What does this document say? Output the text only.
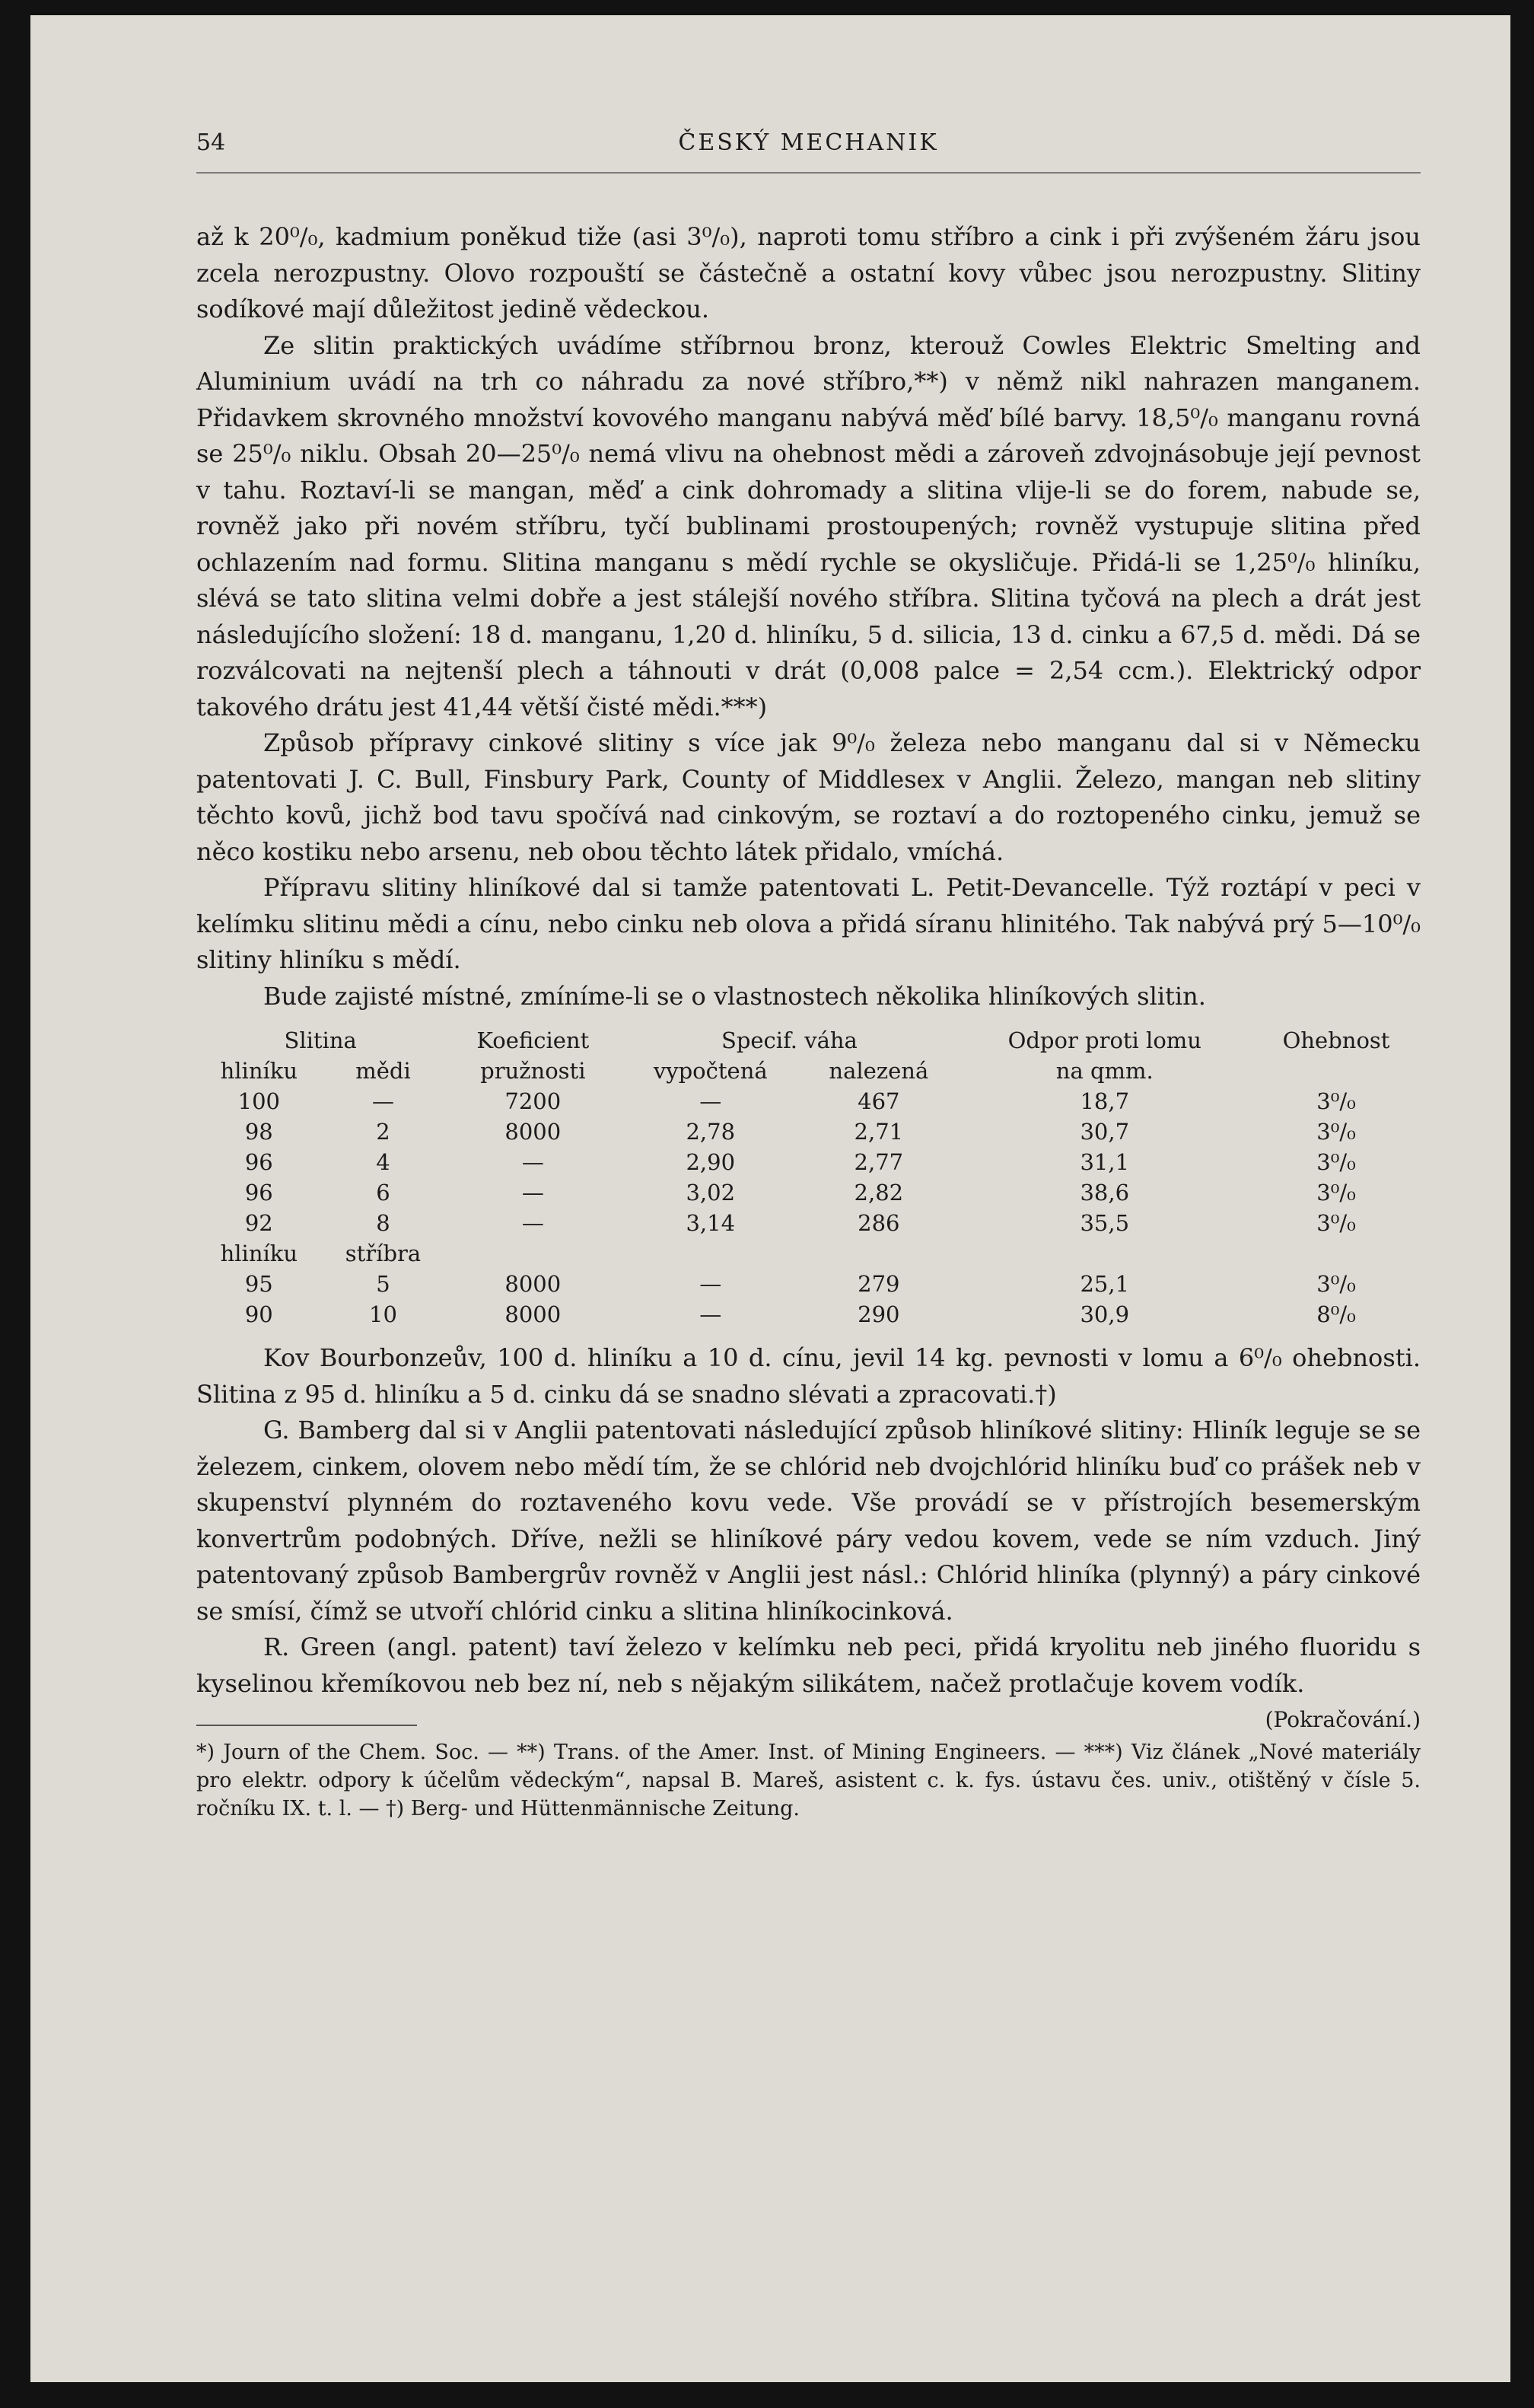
54	ČESKÝ MECHANIK

až k 20⁰/₀, kadmium poněkud tiže (asi 3⁰/₀), naproti tomu stříbro a cink i při zvýšeném žáru jsou zcela nerozpustny. Olovo rozpouští se částečně a ostatní kovy vůbec jsou nerozpustny. Slitiny sodíkové mají důležitost jedině vědeckou.

Ze slitin praktických uvádíme stříbrnou bronz, kterouž Cowles Elektric Smelting and Aluminium uvádí na trh co náhradu za nové stříbro,**) v němž nikl nahrazen manganem. Přidavkem skrovného množství kovového manganu nabývá měď bílé barvy. 18,5⁰/₀ manganu rovná se 25⁰/₀ niklu. Obsah 20—25⁰/₀ nemá vlivu na ohebnost mědi a zároveň zdvojnásobuje její pevnost v tahu. Roztaví-li se mangan, měď a cink dohromady a slitina vlije-li se do forem, nabude se, rovněž jako při novém stříbru, tyčí bublinami prostoupených; rovněž vystupuje slitina před ochlazením nad formu. Slitina manganu s mědí rychle se okysličuje. Přidá-li se 1,25⁰/₀ hliníku, slévá se tato slitina velmi dobře a jest stálejší nového stříbra. Slitina tyčová na plech a drát jest následujícího složení: 18 d. manganu, 1,20 d. hliníku, 5 d. silicia, 13 d. cinku a 67,5 d. mědi. Dá se rozválcovati na nejtenší plech a táhnouti v drát (0,008 palce = 2,54 ccm.). Elektrický odpor takového drátu jest 41,44 větší čisté mědi.***)

Způsob přípravy cinkové slitiny s více jak 9⁰/₀ železa nebo manganu dal si v Německu patentovati J. C. Bull, Finsbury Park, County of Middlesex v Anglii. Železo, mangan neb slitiny těchto kovů, jichž bod tavu spočívá nad cinkovým, se roztaví a do roztopeného cinku, jemuž se něco kostiku nebo arsenu, neb obou těchto látek přidalo, vmíchá.

Přípravu slitiny hliníkové dal si tamže patentovati L. Petit-Devancelle. Týž roztápí v peci v kelímku slitinu mědi a cínu, nebo cinku neb olova a přidá síranu hlinitého. Tak nabývá prý 5—10⁰/₀ slitiny hliníku s mědí.

Bude zajisté místné, zmíníme-li se o vlastnostech několika hliníkových slitin.

Slitina		Koeficient	Specif. váha		Odpor proti lomu	Ohebnost
hliníku	mědi	pružnosti	vypočtená	nalezená	na qmm.	
100	—	7200	—	467	18,7	3⁰/₀
98	2	8000	2,78	2,71	30,7	3⁰/₀
96	4	—	2,90	2,77	31,1	3⁰/₀
96	6	—	3,02	2,82	38,6	3⁰/₀
92	8	—	3,14	286	35,5	3⁰/₀
hliníku	stříbra					
95	5	8000	—	279	25,1	3⁰/₀
90	10	8000	—	290	30,9	8⁰/₀

Kov Bourbonzeův, 100 d. hliníku a 10 d. cínu, jevil 14 kg. pevnosti v lomu a 6⁰/₀ ohebnosti. Slitina z 95 d. hliníku a 5 d. cinku dá se snadno slévati a zpracovati.†)

G. Bamberg dal si v Anglii patentovati následující způsob hliníkové slitiny: Hliník leguje se se železem, cinkem, olovem nebo mědí tím, že se chlórid neb dvojchlórid hliníku buď co prášek neb v skupenství plynném do roztaveného kovu vede. Vše provádí se v přístrojích besemerským konvertrům podobných. Dříve, nežli se hliníkové páry vedou kovem, vede se ním vzduch. Jiný patentovaný způsob Bambergrův rovněž v Anglii jest násl.: Chlórid hliníka (plynný) a páry cinkové se smísí, čímž se utvoří chlórid cinku a slitina hliníkocinková.

R. Green (angl. patent) taví železo v kelímku neb peci, přidá kryolitu neb jiného fluoridu s kyselinou křemíkovou neb bez ní, neb s nějakým silikátem, načež protlačuje kovem vodík.
(Pokračování.)

*) Journ of the Chem. Soc. — **) Trans. of the Amer. Inst. of Mining Engineers. — ***) Viz článek „Nové materiály pro elektr. odpory k účelům vědeckým“, napsal B. Mareš, asistent c. k. fys. ústavu čes. univ., otištěný v čísle 5. ročníku IX. t. l. — †) Berg- und Hüttenmännische Zeitung.
